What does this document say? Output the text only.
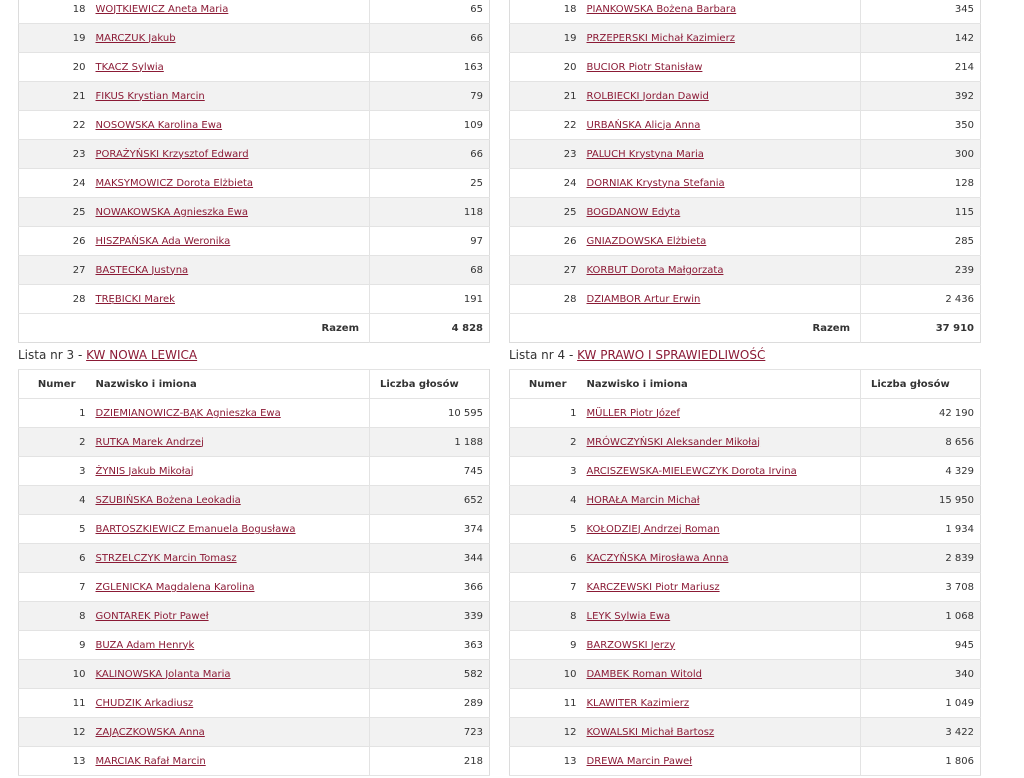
18	WOJTKIEWICZ Aneta Maria	65
19	MARCZUK Jakub	66
20	TKACZ Sylwia	163
21	FIKUS Krystian Marcin	79
22	NOSOWSKA Karolina Ewa	109
23	PORAŻYŃSKI Krzysztof Edward	66
24	MAKSYMOWICZ Dorota Elżbieta	25
25	NOWAKOWSKA Agnieszka Ewa	118
26	HISZPAŃSKA Ada Weronika	97
27	BASTECKA Justyna	68
28	TRĘBICKI Marek	191
	Razem	4 828
18	PIANKOWSKA Bożena Barbara	345
19	PRZEPERSKI Michał Kazimierz	142
20	BUCIOR Piotr Stanisław	214
21	ROLBIECKI Jordan Dawid	392
22	URBAŃSKA Alicja Anna	350
23	PALUCH Krystyna Maria	300
24	DORNIAK Krystyna Stefania	128
25	BOGDANOW Edyta	115
26	GNIAZDOWSKA Elżbieta	285
27	KORBUT Dorota Małgorzata	239
28	DZIAMBOR Artur Erwin	2 436
	Razem	37 910
Lista nr 3 - KW NOWA LEWICA
Numer	Nazwisko i imiona	Liczba głosów
1	DZIEMIANOWICZ-BĄK Agnieszka Ewa	10 595
2	RUTKA Marek Andrzej	1 188
3	ŻYNIS Jakub Mikołaj	745
4	SZUBIŃSKA Bożena Leokadia	652
5	BARTOSZKIEWICZ Emanuela Bogusława	374
6	STRZELCZYK Marcin Tomasz	344
7	ZGLENICKA Magdalena Karolina	366
8	GONTAREK Piotr Paweł	339
9	BUZA Adam Henryk	363
10	KALINOWSKA Jolanta Maria	582
11	CHUDZIK Arkadiusz	289
12	ZAJĄCZKOWSKA Anna	723
13	MARCIAK Rafał Marcin	218
Lista nr 4 - KW PRAWO I SPRAWIEDLIWOŚĆ
Numer	Nazwisko i imiona	Liczba głosów
1	MÜLLER Piotr Józef	42 190
2	MRÓWCZYŃSKI Aleksander Mikołaj	8 656
3	ARCISZEWSKA-MIELEWCZYK Dorota Irvina	4 329
4	HORAŁA Marcin Michał	15 950
5	KOŁODZIEJ Andrzej Roman	1 934
6	KACZYŃSKA Mirosława Anna	2 839
7	KARCZEWSKI Piotr Mariusz	3 708
8	LEYK Sylwia Ewa	1 068
9	BARZOWSKI Jerzy	945
10	DAMBEK Roman Witold	340
11	KLAWITER Kazimierz	1 049
12	KOWALSKI Michał Bartosz	3 422
13	DREWA Marcin Paweł	1 806
